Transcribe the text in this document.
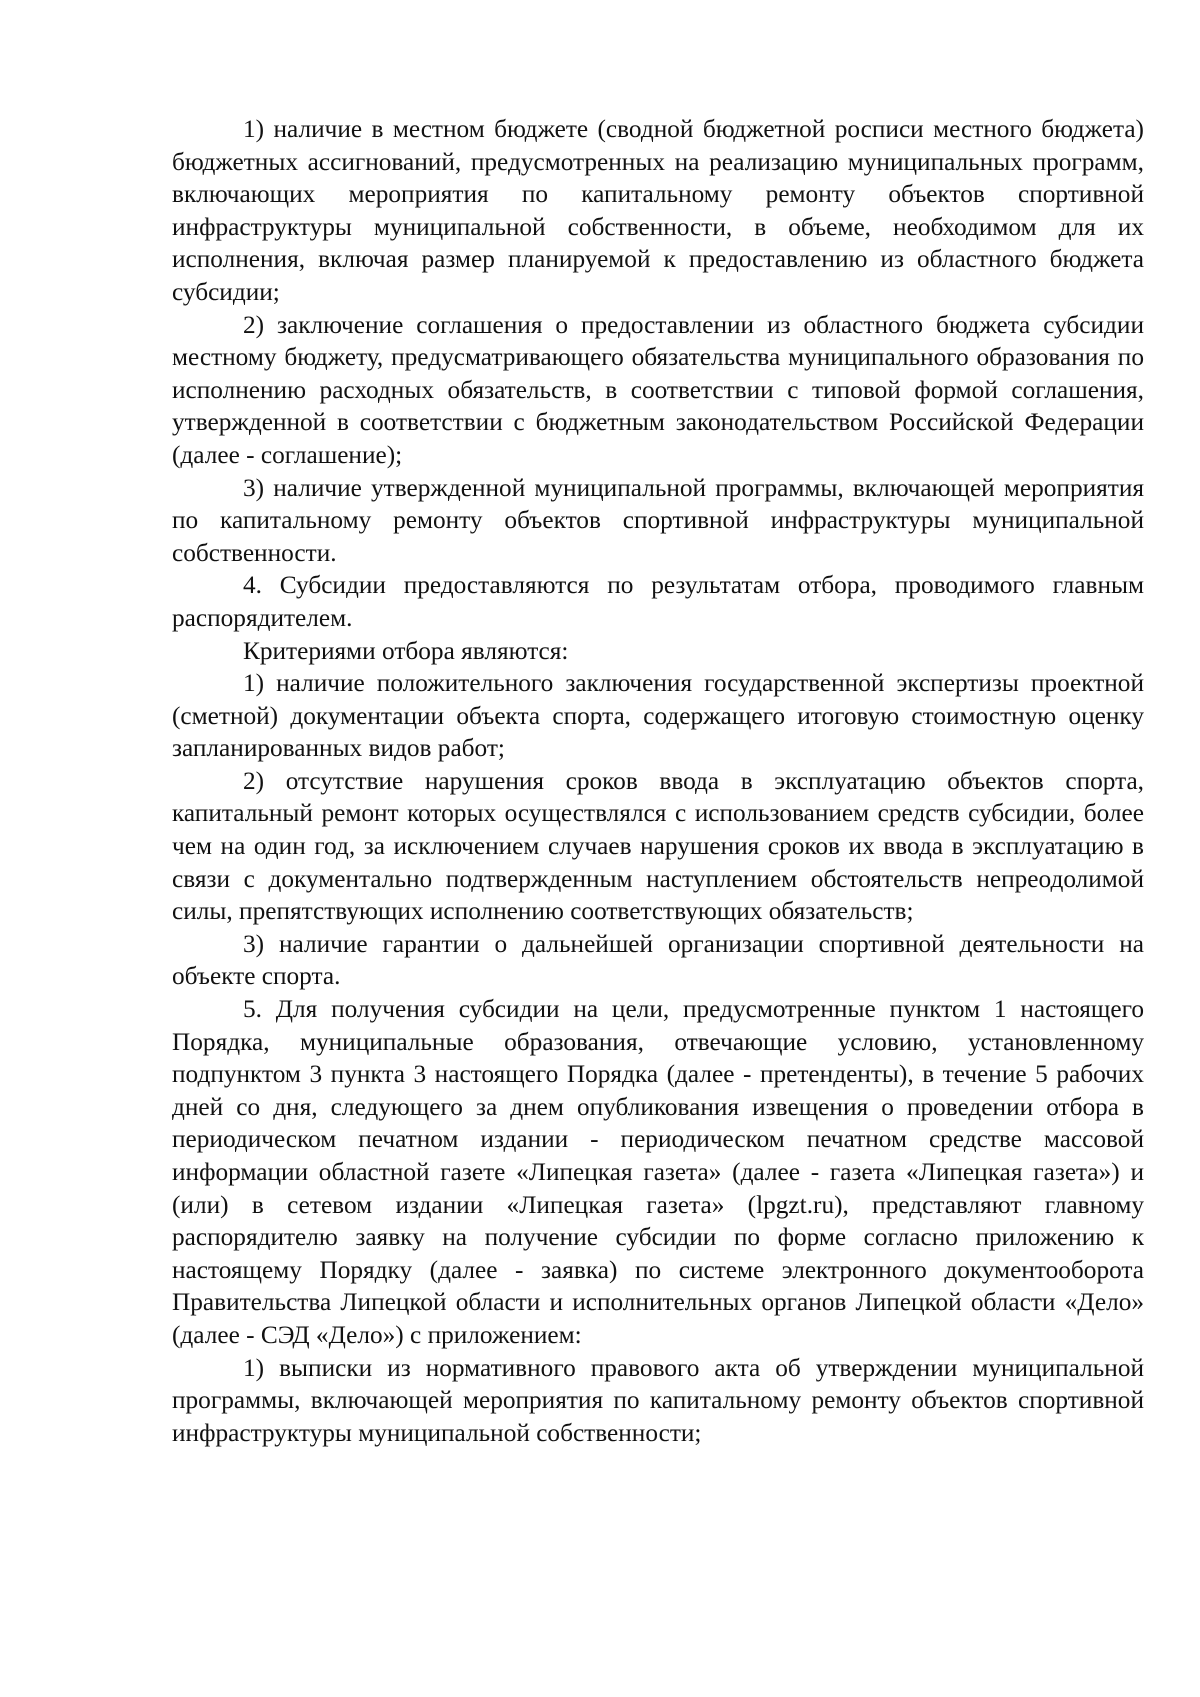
1) наличие в местном бюджете (сводной бюджетной росписи местного бюджета) бюджетных ассигнований, предусмотренных на реализацию муниципальных программ, включающих мероприятия по капитальному ремонту объектов спортивной инфраструктуры муниципальной собственности, в объеме, необходимом для их исполнения, включая размер планируемой к предоставлению из областного бюджета субсидии;

2) заключение соглашения о предоставлении из областного бюджета субсидии местному бюджету, предусматривающего обязательства муниципального образования по исполнению расходных обязательств, в соответствии с типовой формой соглашения, утвержденной в соответствии с бюджетным законодательством Российской Федерации (далее - соглашение);

3) наличие утвержденной муниципальной программы, включающей мероприятия по капитальному ремонту объектов спортивной инфраструктуры муниципальной собственности.

4. Субсидии предоставляются по результатам отбора, проводимого главным распорядителем.

Критериями отбора являются:

1) наличие положительного заключения государственной экспертизы проектной (сметной) документации объекта спорта, содержащего итоговую стоимостную оценку запланированных видов работ;

2) отсутствие нарушения сроков ввода в эксплуатацию объектов спорта, капитальный ремонт которых осуществлялся с использованием средств субсидии, более чем на один год, за исключением случаев нарушения сроков их ввода в эксплуатацию в связи с документально подтвержденным наступлением обстоятельств непреодолимой силы, препятствующих исполнению соответствующих обязательств;

3) наличие гарантии о дальнейшей организации спортивной деятельности на объекте спорта.

5. Для получения субсидии на цели, предусмотренные пунктом 1 настоящего Порядка, муниципальные образования, отвечающие условию, установленному подпунктом 3 пункта 3 настоящего Порядка (далее - претенденты), в течение 5 рабочих дней со дня, следующего за днем опубликования извещения о проведении отбора в периодическом печатном издании - периодическом печатном средстве массовой информации областной газете «Липецкая газета» (далее - газета «Липецкая газета») и (или) в сетевом издании «Липецкая газета» (lpgzt.ru), представляют главному распорядителю заявку на получение субсидии по форме согласно приложению к настоящему Порядку (далее - заявка) по системе электронного документооборота Правительства Липецкой области и исполнительных органов Липецкой области «Дело» (далее - СЭД «Дело») с приложением:

1) выписки из нормативного правового акта об утверждении муниципальной программы, включающей мероприятия по капитальному ремонту объектов спортивной инфраструктуры муниципальной собственности;
